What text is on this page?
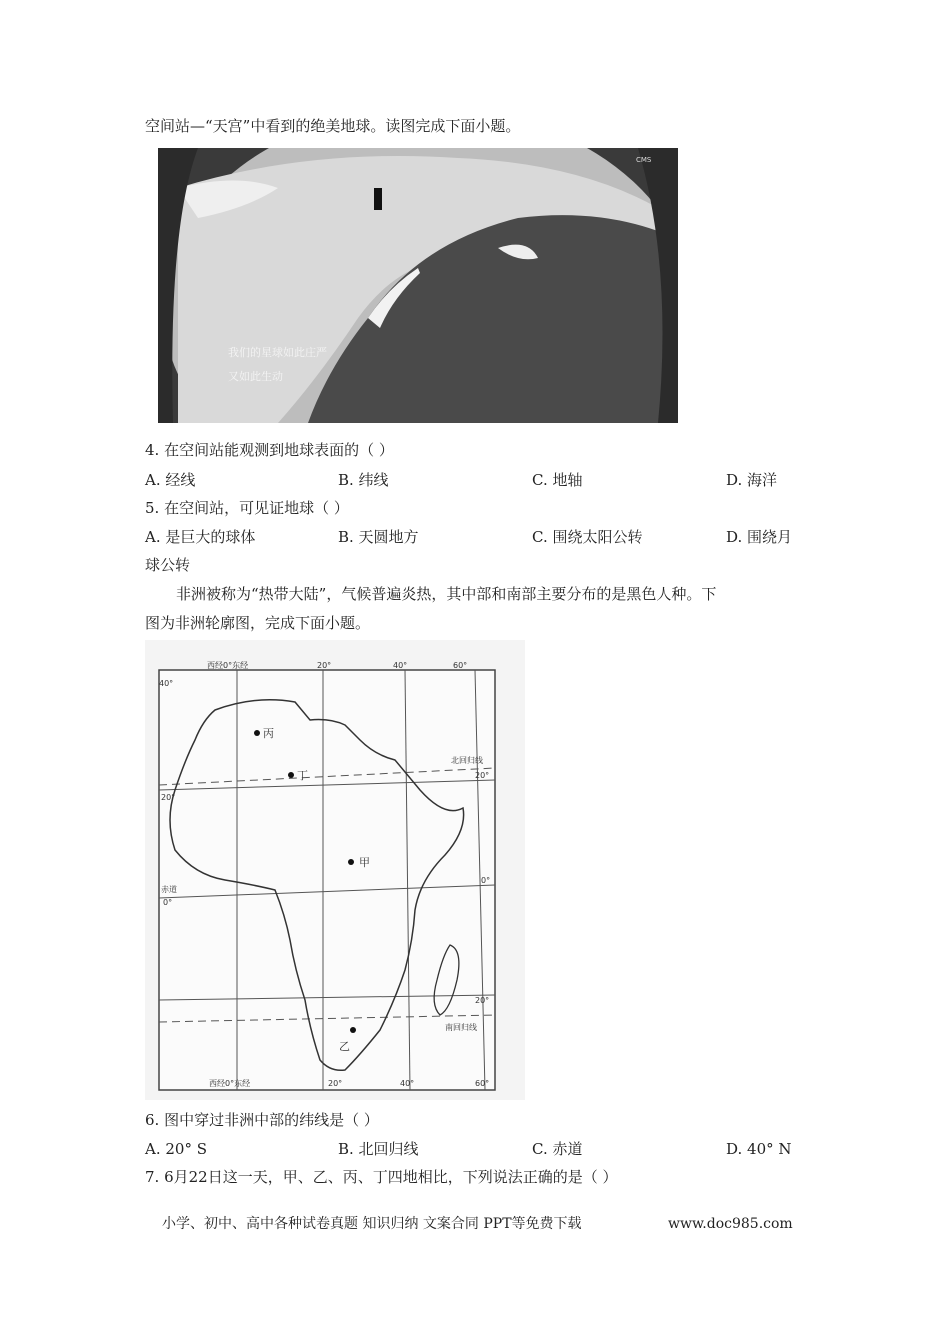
空间站—“天宫”中看到的绝美地球。读图完成下面小题。
我们的星球如此庄严
又如此生动
CMS
4. 在空间站能观测到地球表面的（ ）
A. 经线	B. 纬线	C. 地轴	D. 海洋
5. 在空间站，可见证地球（ ）
A. 是巨大的球体	B. 天圆地方	C. 围绕太阳公转	D. 围绕月
球公转
非洲被称为“热带大陆”，气候普遍炎热，其中部和南部主要分布的是黑色人种。下
图为非洲轮廓图，完成下面小题。
丙
丁
甲
乙
40°
西经0°东经	20°	40°	60°
西经0°东经	20°	40°	60°
北回归线
南回归线
赤道
20°
20°
0°
0°
20°
6. 图中穿过非洲中部的纬线是（ ）
A. 20° S	B. 北回归线	C. 赤道	D. 40° N
7. 6月22日这一天，甲、乙、丙、丁四地相比，下列说法正确的是（ ）
小学、初中、高中各种试卷真题 知识归纳 文案合同 PPT等免费下载	www.doc985.com
